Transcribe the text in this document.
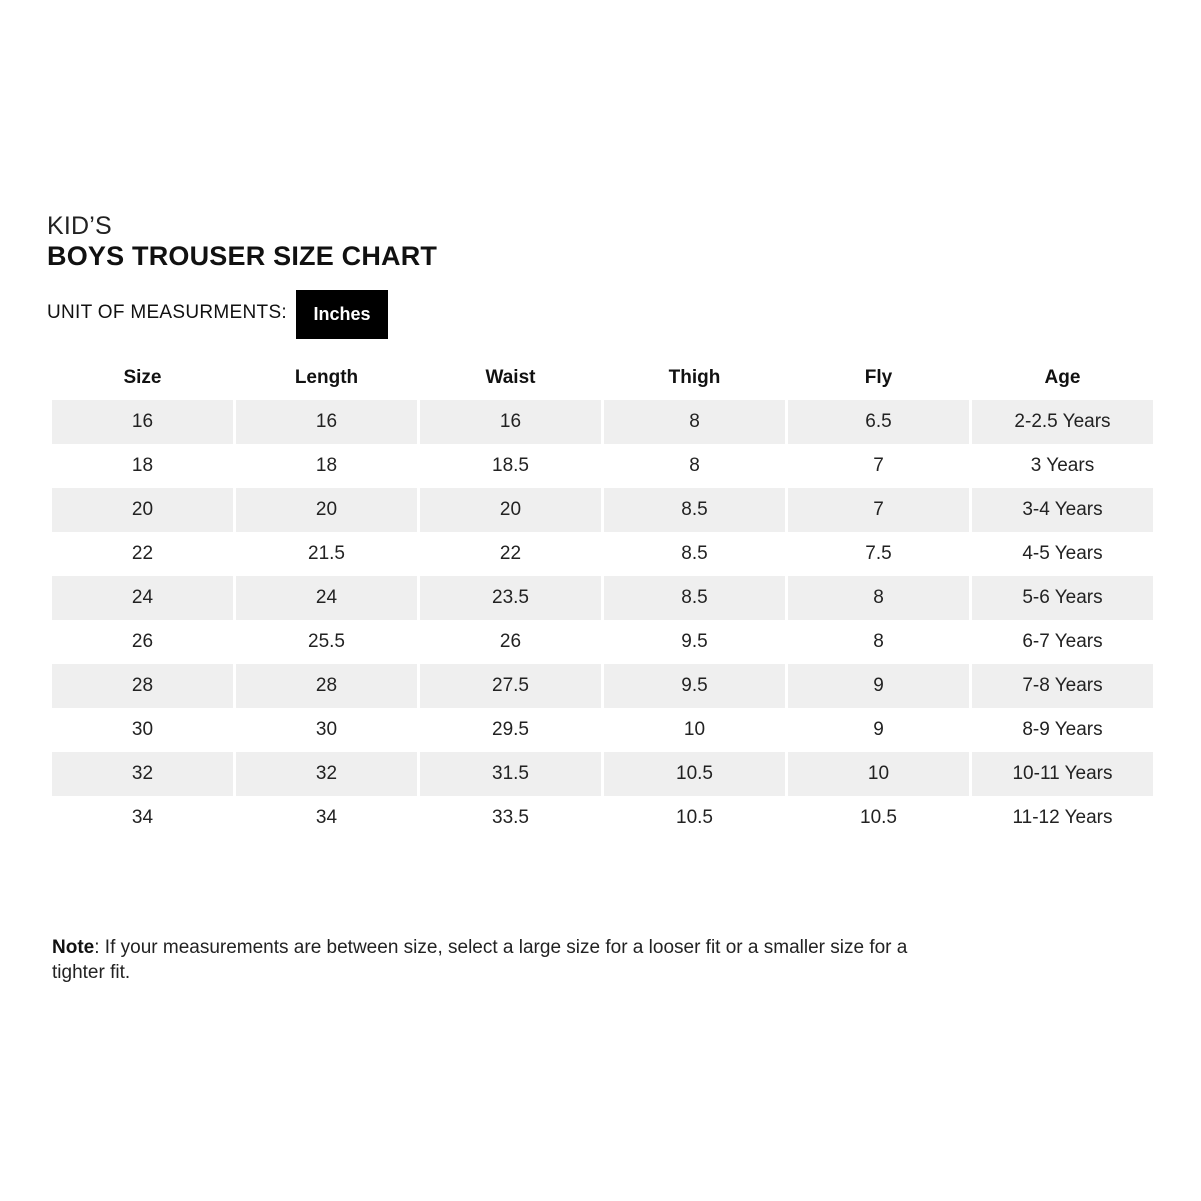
KID’S
BOYS TROUSER SIZE CHART
UNIT OF MEASURMENTS:	Inches
Size	Length	Waist	Thigh	Fly	Age
16	16	16	8	6.5	2-2.5 Years
18	18	18.5	8	7	3 Years
20	20	20	8.5	7	3-4 Years
22	21.5	22	8.5	7.5	4-5 Years
24	24	23.5	8.5	8	5-6 Years
26	25.5	26	9.5	8	6-7 Years
28	28	27.5	9.5	9	7-8 Years
30	30	29.5	10	9	8-9 Years
32	32	31.5	10.5	10	10-11 Years
34	34	33.5	10.5	10.5	11-12 Years
Note: If your measurements are between size, select a large size for a looser fit or a smaller size for a tighter fit.
